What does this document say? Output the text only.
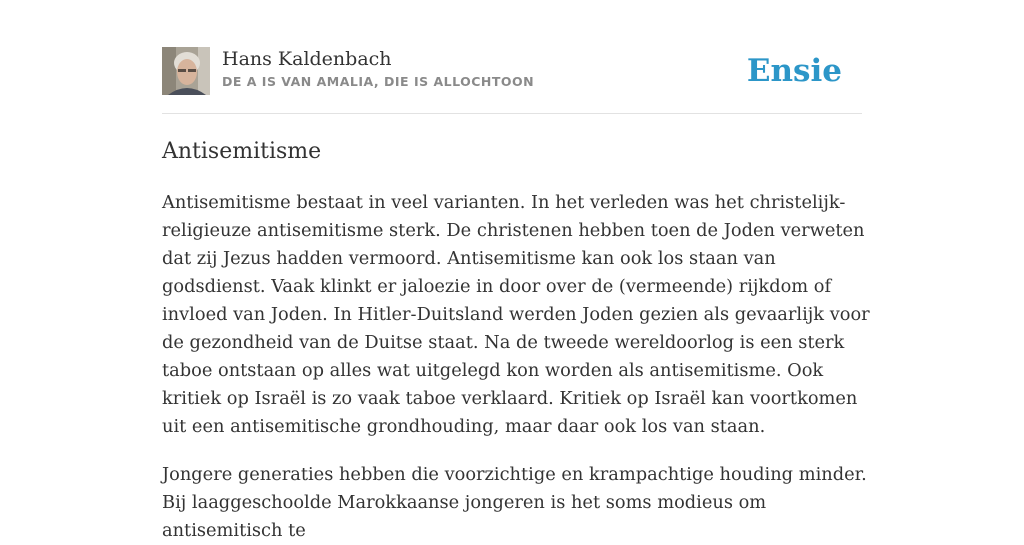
Hans Kaldenbach
DE A IS VAN AMALIA, DIE IS ALLOCHTOON	Ensie
Antisemitisme

Antisemitisme bestaat in veel varianten. In het verleden was het christelijk-religieuze antisemitisme sterk. De christenen hebben toen de Joden verweten dat zij Jezus hadden vermoord. Antisemitisme kan ook los staan van godsdienst. Vaak klinkt er jaloezie in door over de (vermeende) rijkdom of invloed van Joden. In Hitler-Duitsland werden Joden gezien als gevaarlijk voor de gezondheid van de Duitse staat. Na de tweede wereldoorlog is een sterk taboe ontstaan op alles wat uitgelegd kon worden als antisemitisme. Ook kritiek op Israël is zo vaak taboe verklaard. Kritiek op Israël kan voortkomen uit een antisemitische grondhouding, maar daar ook los van staan.

Jongere generaties hebben die voorzichtige en krampachtige houding minder. Bij laaggeschoolde Marokkaanse jongeren is het soms modieus om antisemitisch te
